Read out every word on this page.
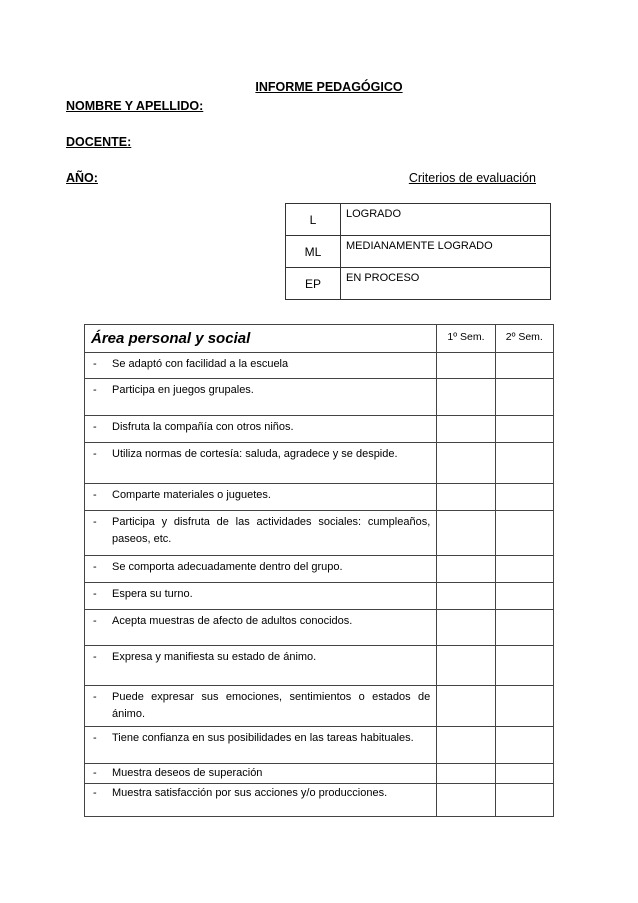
INFORME PEDAGÓGICO
NOMBRE Y APELLIDO:
DOCENTE:
AÑO:	Criterios de evaluación
L	LOGRADO
ML	MEDIANAMENTE LOGRADO
EP	EN PROCESO
Área personal y social	1º Sem.	2º Sem.

- Se adaptó con facilidad a la escuela		

- Participa en juegos grupales.		

- Disfruta la compañía con otros niños.		

- Utiliza normas de cortesía: saluda, agradece y se despide.		

- Comparte materiales o juguetes.		

- Participa y disfruta de las actividades sociales: cumpleaños, paseos, etc.		

- Se comporta adecuadamente dentro del grupo.		

- Espera su turno.		

- Acepta muestras de afecto de adultos conocidos.		

- Expresa y manifiesta su estado de ánimo.		

- Puede expresar sus emociones, sentimientos o estados de ánimo.		

- Tiene confianza en sus posibilidades en las tareas habituales.		

- Muestra deseos de superación		

- Muestra satisfacción por sus acciones y/o producciones.		
